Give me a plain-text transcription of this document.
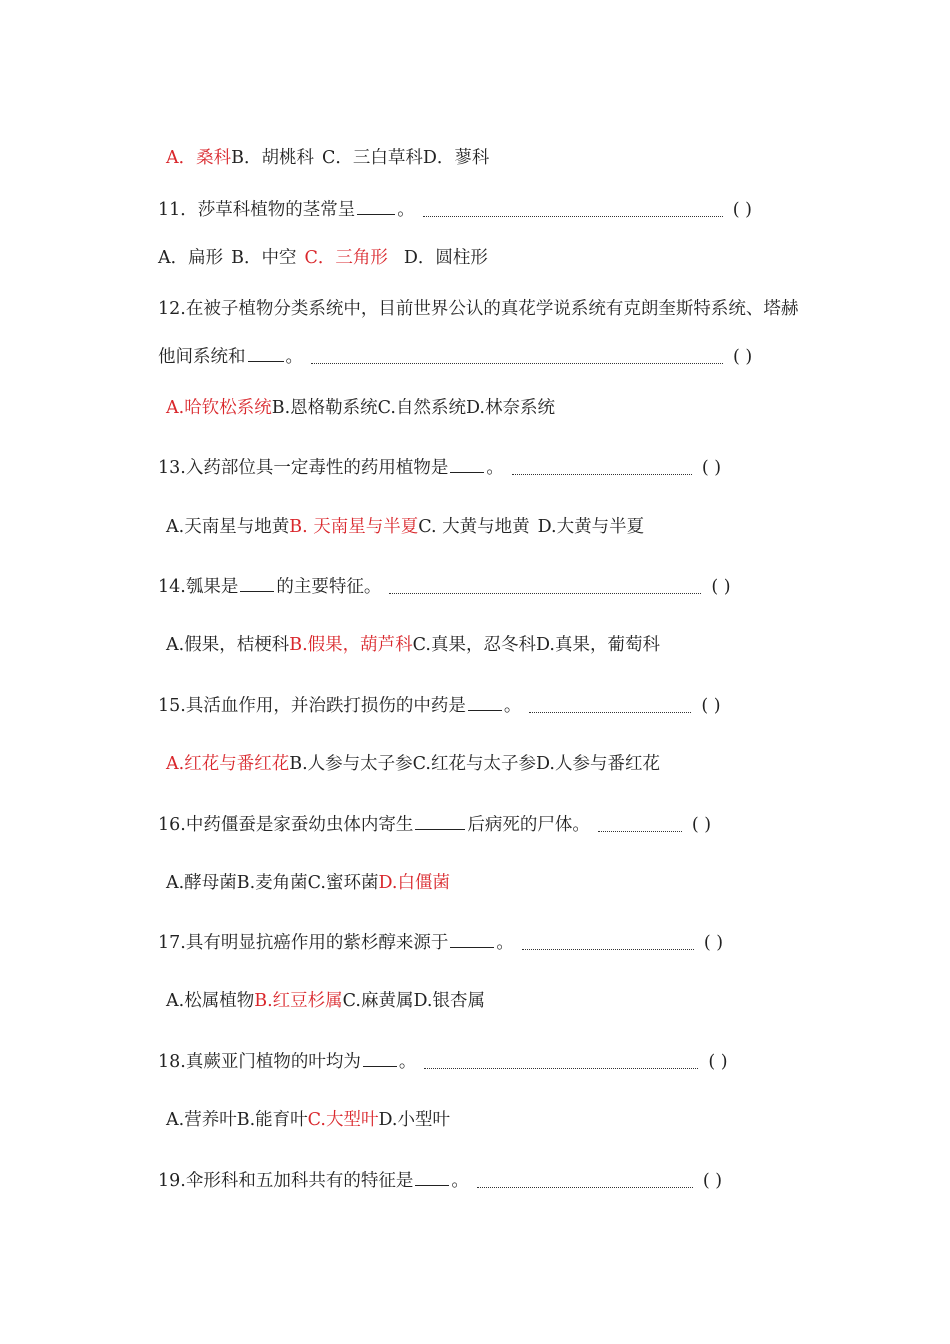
A．桑科B．胡桃科 C．三白草科D．蓼科
11．莎草科植物的茎常呈 。	( )
A．扁形 B．中空 C．三角形 D．圆柱形
12.在被子植物分类系统中，目前世界公认的真花学说系统有克朗奎斯特系统、塔赫
他间系统和 。	( )
A.哈钦松系统B.恩格勒系统C.自然系统D.林奈系统
13.入药部位具一定毒性的药用植物是 。	( )
A.天南星与地黄B. 天南星与半夏C. 大黄与地黄 D.大黄与半夏
14.瓠果是 的主要特征。	( )
A.假果，桔梗科B.假果，葫芦科C.真果，忍冬科D.真果，葡萄科
15.具活血作用，并治跌打损伤的中药是 。	( )
A.红花与番红花B.人参与太子参C.红花与太子参D.人参与番红花
16.中药僵蚕是家蚕幼虫体内寄生	后病死的尸体。	( )
A.酵母菌B.麦角菌C.蜜环菌D.白僵菌
17.具有明显抗癌作用的紫杉醇来源于	。	( )
A.松属植物B.红豆杉属C.麻黄属D.银杏属
18.真蕨亚门植物的叶均为 。	( )
A.营养叶B.能育叶C.大型叶D.小型叶
19.伞形科和五加科共有的特征是 。	( )
